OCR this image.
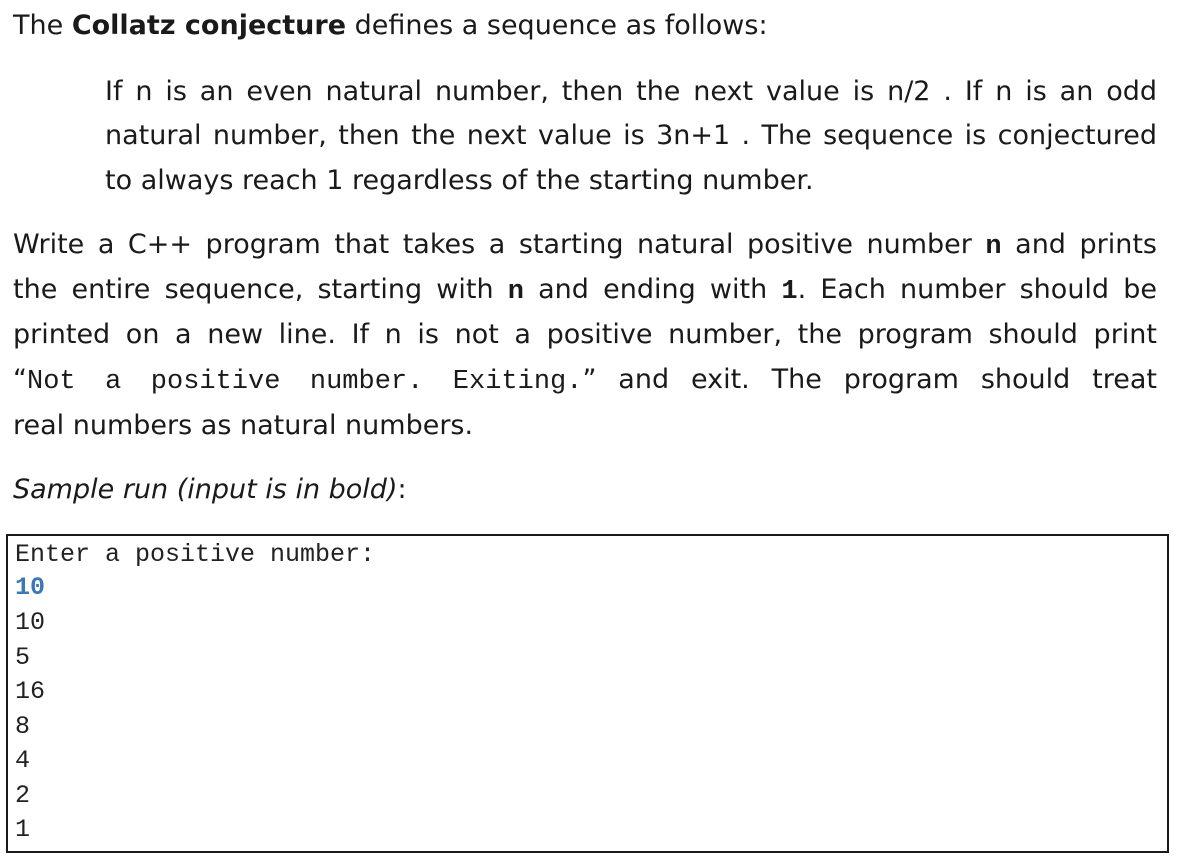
The Collatz conjecture defines a sequence as follows:
If n is an even natural number, then the next value is n/2 . If n is an odd
natural number, then the next value is 3n+1 . The sequence is conjectured
to always reach 1 regardless of the starting number.
Write a C++ program that takes a starting natural positive number n and prints
the entire sequence, starting with n and ending with 1. Each number should be
printed on a new line. If n is not a positive number, the program should print
“Not a positive number. Exiting.” and exit. The program should treat
real numbers as natural numbers.
Sample run (input is in bold):
Enter a positive number:
10
10
5
16
8
4
2
1
